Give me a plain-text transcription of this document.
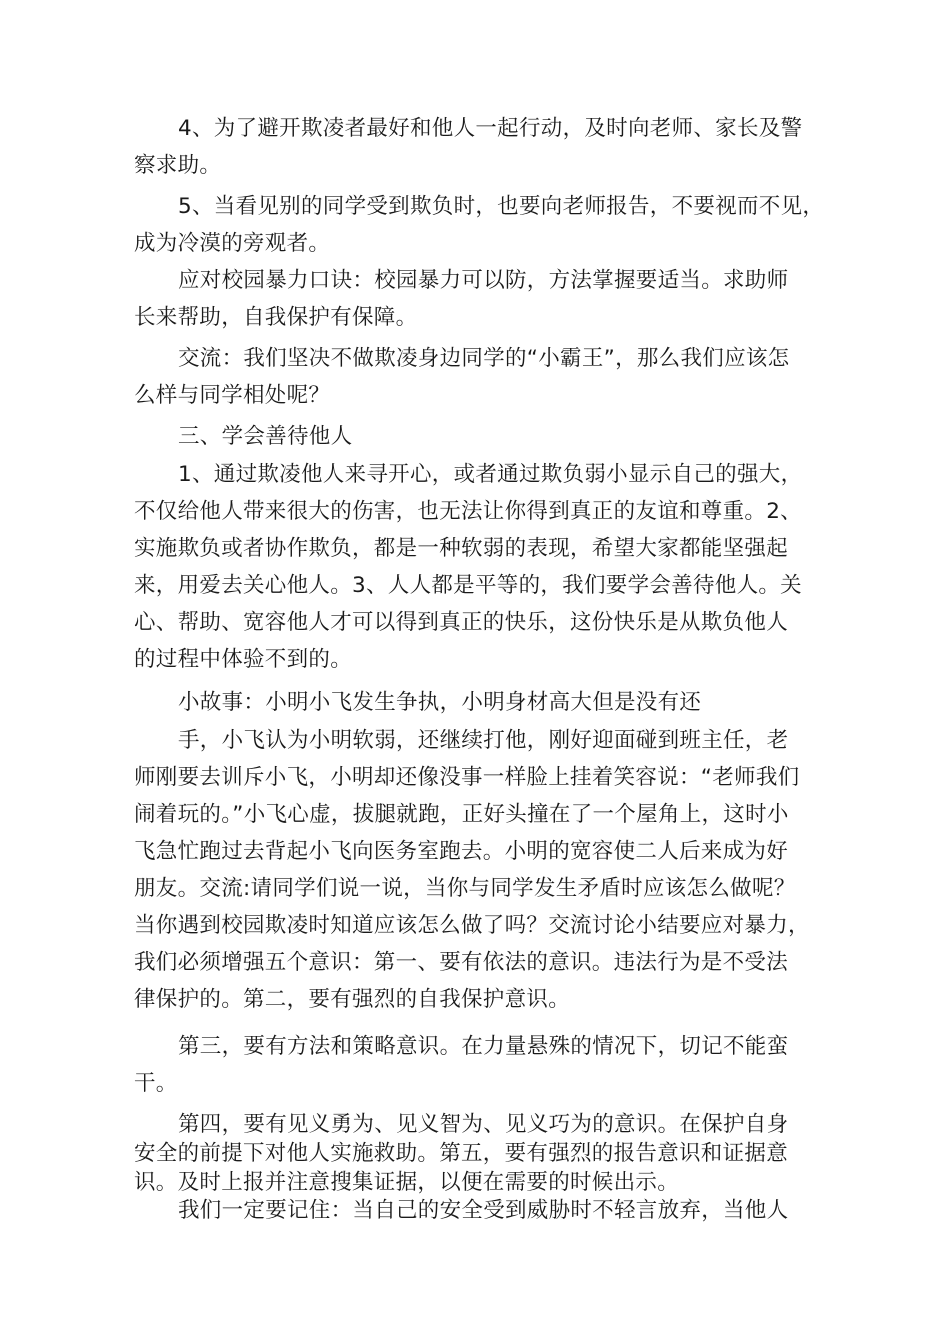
4、为了避开欺凌者最好和他人一起行动，及时向老师、家长及警
察求助。

5、当看见别的同学受到欺负时，也要向老师报告，不要视而不见，
成为冷漠的旁观者。

应对校园暴力口诀：校园暴力可以防，方法掌握要适当。求助师
长来帮助，自我保护有保障。

交流：我们坚决不做欺凌身边同学的“小霸王”，那么我们应该怎
么样与同学相处呢？

三、学会善待他人

1、通过欺凌他人来寻开心，或者通过欺负弱小显示自己的强大，
不仅给他人带来很大的伤害，也无法让你得到真正的友谊和尊重。2、
实施欺负或者协作欺负，都是一种软弱的表现，希望大家都能坚强起
来，用爱去关心他人。3、人人都是平等的，我们要学会善待他人。关
心、帮助、宽容他人才可以得到真正的快乐，这份快乐是从欺负他人
的过程中体验不到的。

小故事：小明小飞发生争执，小明身材高大但是没有还

手，小飞认为小明软弱，还继续打他，刚好迎面碰到班主任，老
师刚要去训斥小飞，小明却还像没事一样脸上挂着笑容说：“老师我们
闹着玩的。”小飞心虚，拔腿就跑，正好头撞在了一个屋角上，这时小
飞急忙跑过去背起小飞向医务室跑去。小明的宽容使二人后来成为好
朋友。交流:请同学们说一说，当你与同学发生矛盾时应该怎么做呢？
当你遇到校园欺凌时知道应该怎么做了吗？交流讨论小结要应对暴力，
我们必须增强五个意识：第一、要有依法的意识。违法行为是不受法
律保护的。第二，要有强烈的自我保护意识。

第三，要有方法和策略意识。在力量悬殊的情况下，切记不能蛮
干。

第四，要有见义勇为、见义智为、见义巧为的意识。在保护自身
安全的前提下对他人实施救助。第五，要有强烈的报告意识和证据意
识。及时上报并注意搜集证据，以便在需要的时候出示。

我们一定要记住：当自己的安全受到威胁时不轻言放弃，当他人
